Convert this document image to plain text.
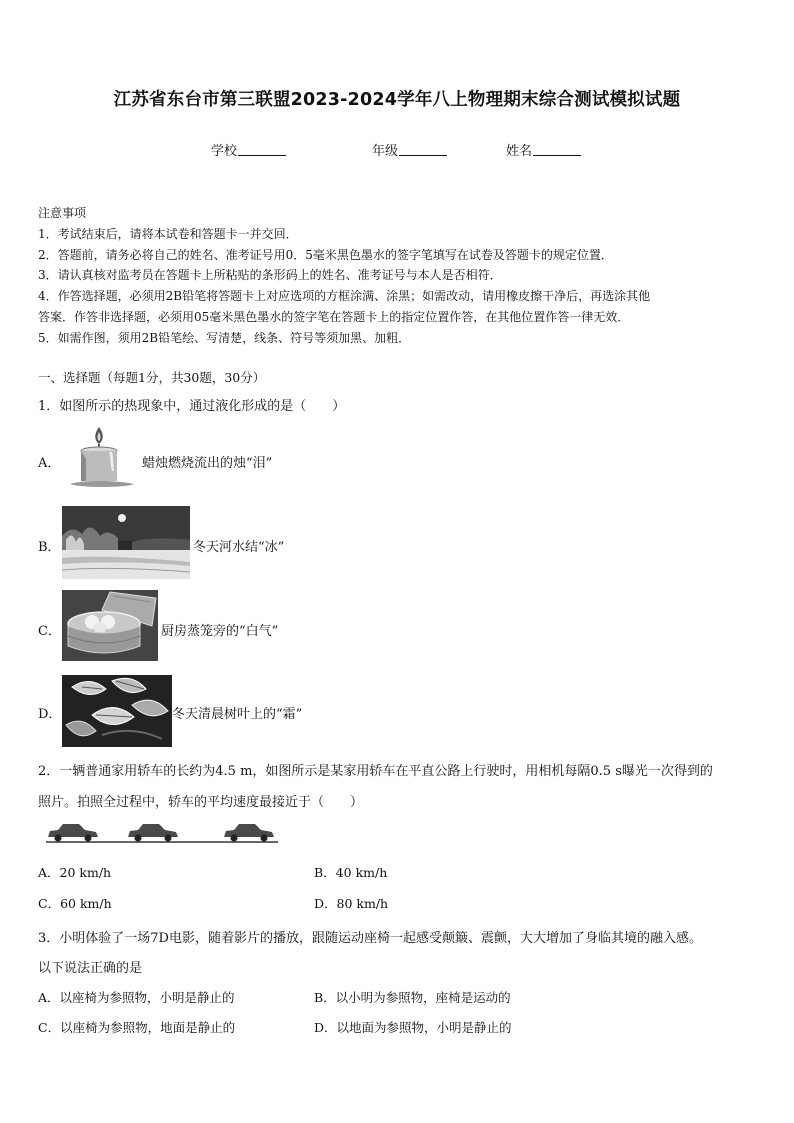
江苏省东台市第三联盟2023-2024学年八上物理期末综合测试模拟试题
学校	年级	姓名
注意事项
1．考试结束后，请将本试卷和答题卡一并交回．
2．答题前，请务必将自己的姓名、准考证号用0．5毫米黑色墨水的签字笔填写在试卷及答题卡的规定位置．
3．请认真核对监考员在答题卡上所粘贴的条形码上的姓名、准考证号与本人是否相符．
4．作答选择题，必须用2B铅笔将答题卡上对应选项的方框涂满、涂黑；如需改动，请用橡皮擦干净后，再选涂其他
答案．作答非选择题，必须用05毫米黑色墨水的签字笔在答题卡上的指定位置作答，在其他位置作答一律无效．
5．如需作图，须用2B铅笔绘、写清楚，线条、符号等须加黑、加粗．
一、选择题（每题1分，共30题，30分）
1．如图所示的热现象中，通过液化形成的是（　　）
A．	蜡烛燃烧流出的烛“泪”
B．	冬天河水结“冰”
C．	厨房蒸笼旁的“白气”
D．	冬天清晨树叶上的“霜”
2．一辆普通家用轿车的长约为4.5 m，如图所示是某家用轿车在平直公路上行驶时，用相机每隔0.5 s曝光一次得到的
照片。拍照全过程中，轿车的平均速度最接近于（　　）
A．20 km/h	B．40 km/h
C．60 km/h	D．80 km/h
3．小明体验了一场7D电影，随着影片的播放，跟随运动座椅一起感受颠簸、震颤，大大增加了身临其境的融入感。
以下说法正确的是
A．以座椅为参照物，小明是静止的	B．以小明为参照物，座椅是运动的
C．以座椅为参照物，地面是静止的	D．以地面为参照物，小明是静止的
